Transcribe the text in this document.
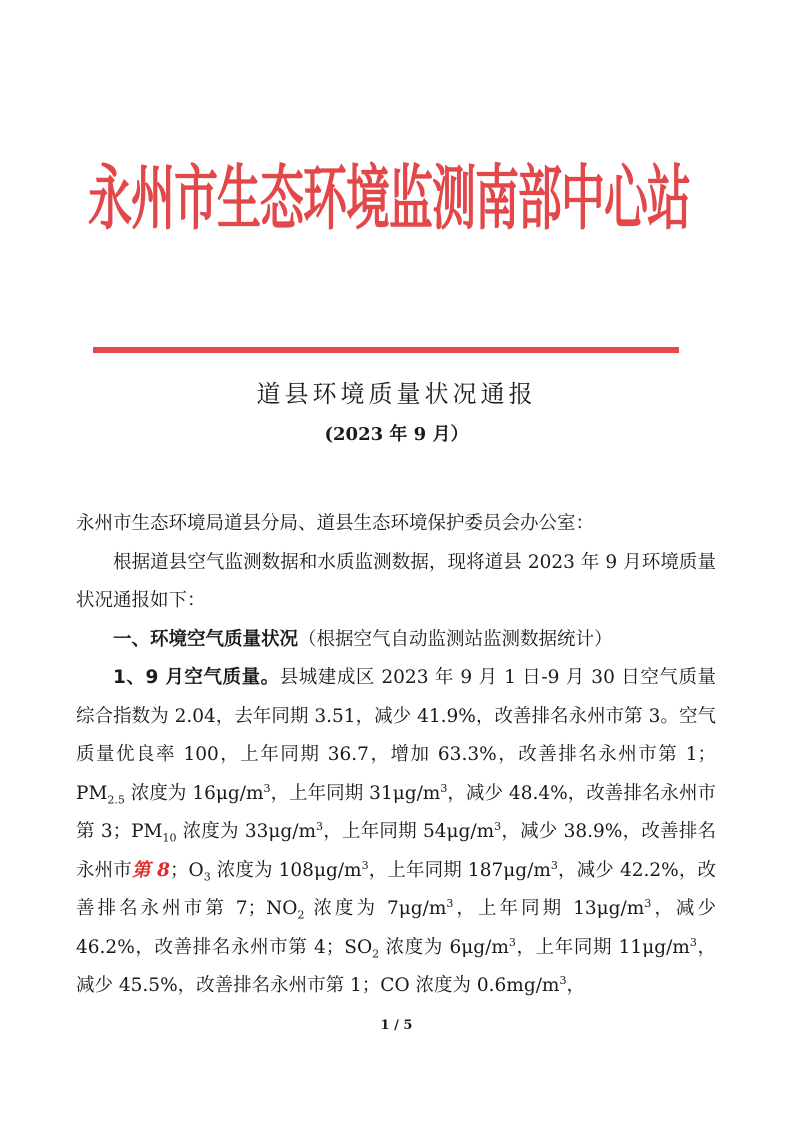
永州市生态环境监测南部中心站
道县环境质量状况通报
(2023 年 9 月）

永州市生态环境局道县分局、道县生态环境保护委员会办公室：

根据道县空气监测数据和水质监测数据，现将道县 2023 年 9 月环境质量状况通报如下：

一、环境空气质量状况（根据空气自动监测站监测数据统计）

1、9 月空气质量。县城建成区 2023 年 9 月 1 日-9 月 30 日空气质量综合指数为 2.04，去年同期 3.51，减少 41.9%，改善排名永州市第 3。空气质量优良率 100，上年同期 36.7，增加 63.3%，改善排名永州市第 1；$PM_{2.5}$ 浓度为 $16\mu g/m^3$，上年同期 $31\mu g/m^3$，减少 48.4%，改善排名永州市第 3；$PM_{10}$ 浓度为 $33\mu g/m^3$，上年同期 $54\mu g/m^3$，减少 38.9%，改善排名永州市第 8；$O_3$ 浓度为 $108\mu g/m^3$，上年同期 $187\mu g/m^3$，减少 42.2%，改善排名永州市第 7；$NO_2$ 浓度为 $7\mu g/m^3$，上年同期 $13\mu g/m^3$，减少 46.2%，改善排名永州市第 4；$SO_2$ 浓度为 $6\mu g/m^3$，上年同期 $11\mu g/m^3$，减少 45.5%，改善排名永州市第 1；CO 浓度为 $0.6mg/m^3$，

1 / 5
